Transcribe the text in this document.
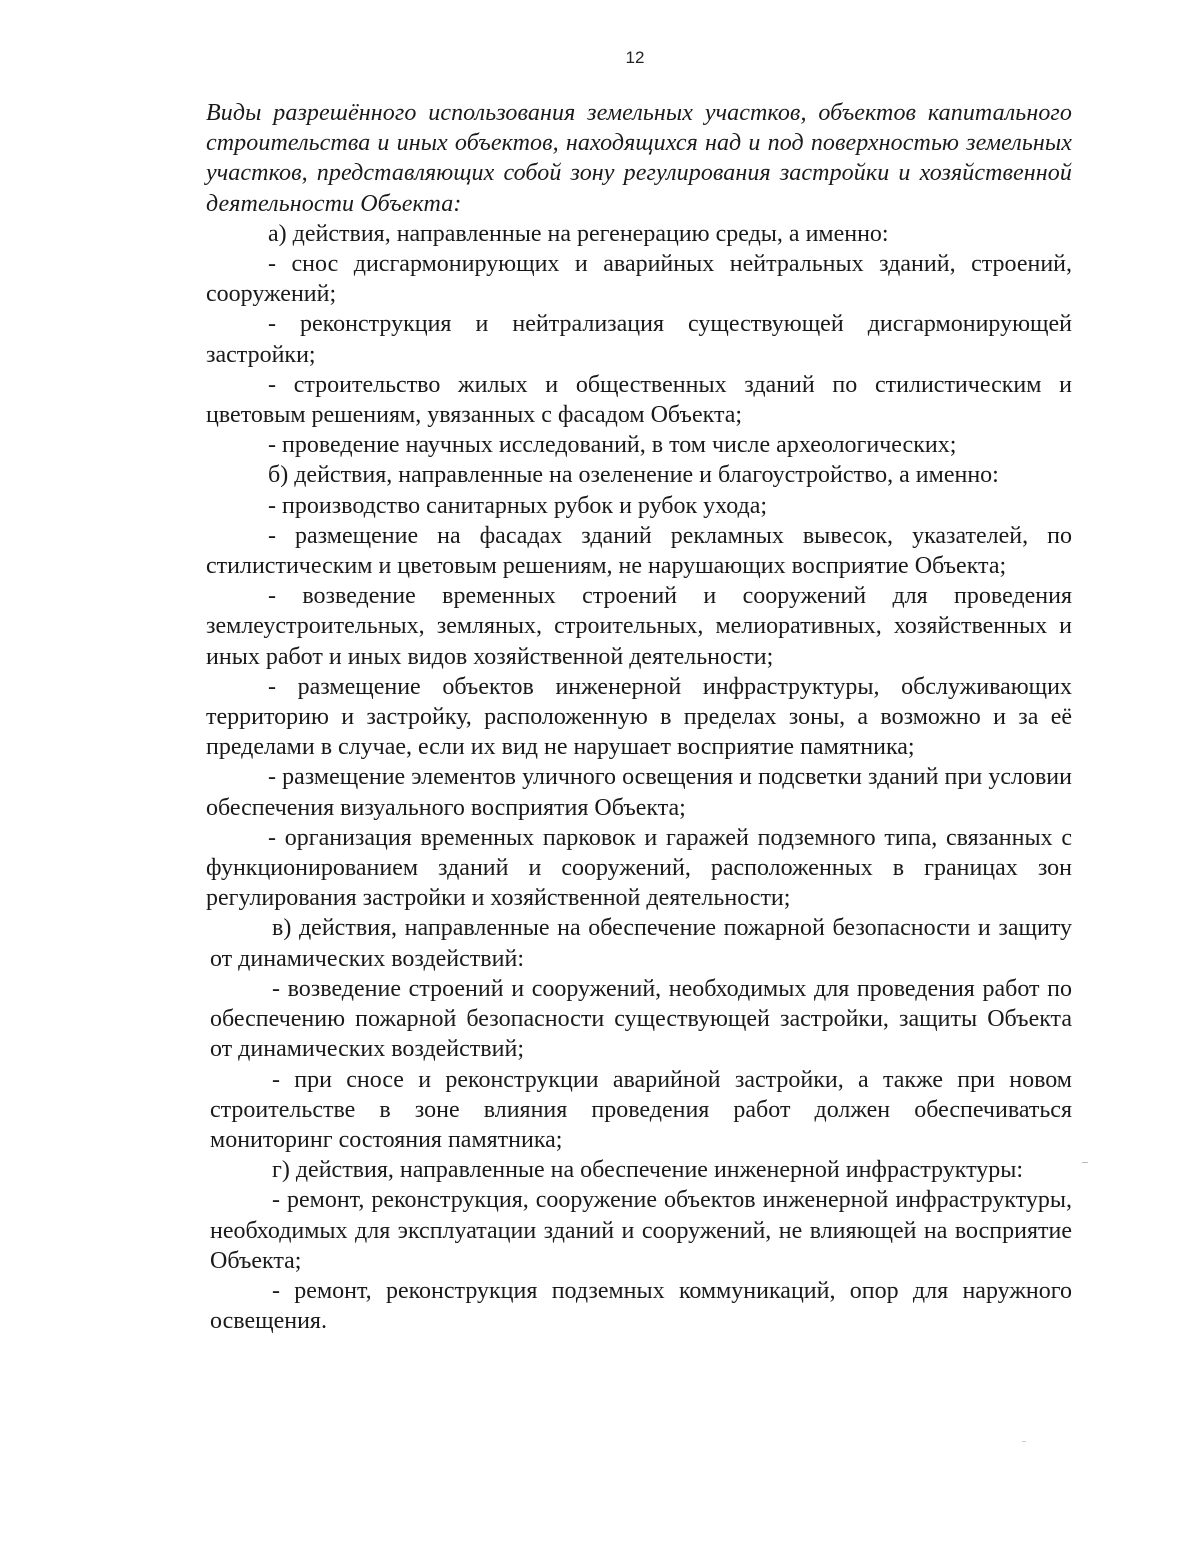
12

Виды разрешённого использования земельных участков, объектов капитального строительства и иных объектов, находящихся над и под поверхностью земельных участков, представляющих собой зону регулирования застройки и хозяйственной деятельности Объекта:

а) действия, направленные на регенерацию среды, а именно:

- снос дисгармонирующих и аварийных нейтральных зданий, строений, сооружений;

- реконструкция и нейтрализация существующей дисгармонирующей застройки;

- строительство жилых и общественных зданий по стилистическим и цветовым решениям, увязанных с фасадом Объекта;

- проведение научных исследований, в том числе археологических;

б) действия, направленные на озеленение и благоустройство, а именно:

- производство санитарных рубок и рубок ухода;

- размещение на фасадах зданий рекламных вывесок, указателей, по стилистическим и цветовым решениям, не нарушающих восприятие Объекта;

- возведение временных строений и сооружений для проведения землеустроительных, земляных, строительных, мелиоративных, хозяйственных и иных работ и иных видов хозяйственной деятельности;

- размещение объектов инженерной инфраструктуры, обслуживающих территорию и застройку, расположенную в пределах зоны, а возможно и за её пределами в случае, если их вид не нарушает восприятие памятника;

- размещение элементов уличного освещения и подсветки зданий при условии обеспечения визуального восприятия Объекта;

- организация временных парковок и гаражей подземного типа, связанных с функционированием зданий и сооружений, расположенных в границах зон регулирования застройки и хозяйственной деятельности;

в) действия, направленные на обеспечение пожарной безопасности и защиту от динамических воздействий:

- возведение строений и сооружений, необходимых для проведения работ по обеспечению пожарной безопасности существующей застройки, защиты Объекта от динамических воздействий;

- при сносе и реконструкции аварийной застройки, а также при новом строительстве в зоне влияния проведения работ должен обеспечиваться мониторинг состояния памятника;

г) действия, направленные на обеспечение инженерной инфраструктуры:

- ремонт, реконструкция, сооружение объектов инженерной инфраструктуры, необходимых для эксплуатации зданий и сооружений, не влияющей на восприятие Объекта;

- ремонт, реконструкция подземных коммуникаций, опор для наружного освещения.
